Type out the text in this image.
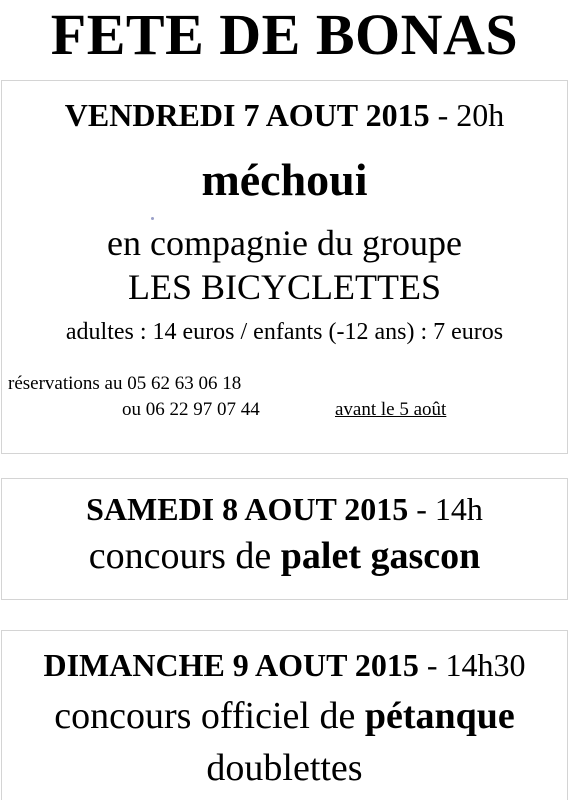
FETE DE BONAS
VENDREDI 7 AOUT 2015 - 20h
méchoui
en compagnie du groupe
LES BICYCLETTES
adultes : 14 euros / enfants (-12 ans) : 7 euros
réservations au 05 62 63 06 18
ou 06 22 97 07 44	avant le 5 août
SAMEDI 8 AOUT 2015 - 14h
concours de palet gascon
DIMANCHE 9 AOUT 2015 - 14h30
concours officiel de pétanque
doublettes
